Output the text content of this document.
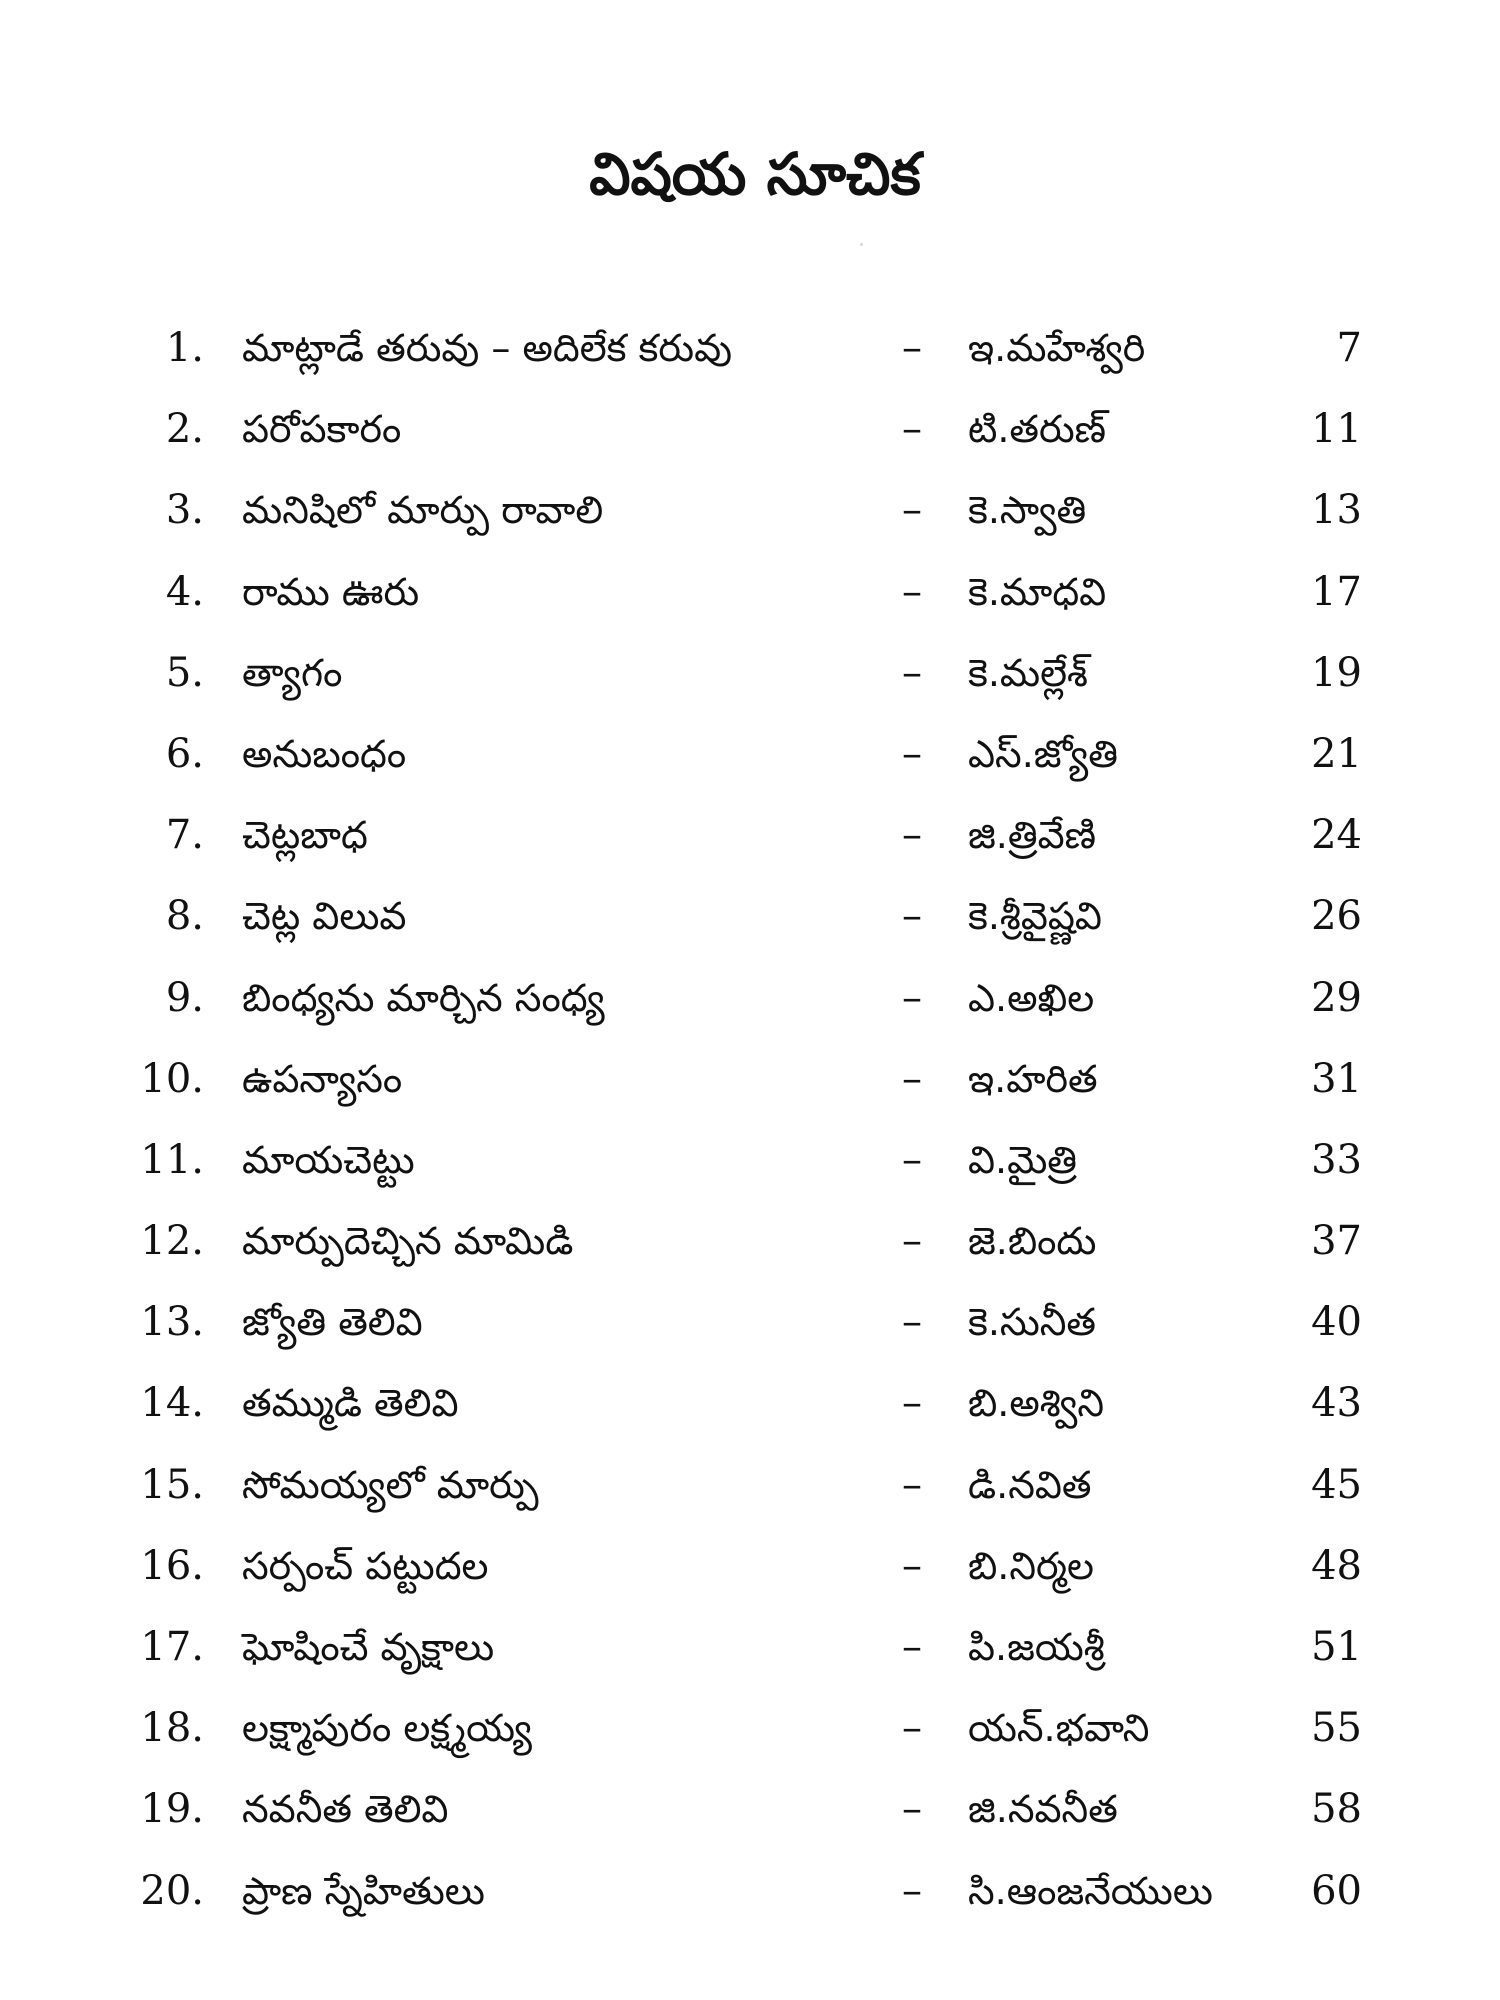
విషయ సూచిక
1. మాట్లాడే తరువు – అదిలేక కరువు	– ఇ.మహేశ్వరి	7
2. పరోపకారం	– టి.తరుణ్	11
3. మనిషిలో మార్పు రావాలి	– కె.స్వాతి	13
4. రాము ఊరు	– కె.మాధవి	17
5. త్యాగం	– కె.మల్లేశ్	19
6. అనుబంధం	– ఎస్.జ్యోతి	21
7. చెట్లబాధ	– జి.త్రివేణి	24
8. చెట్ల విలువ	– కె.శ్రీవైష్ణవి	26
9. బింధ్యను మార్చిన సంధ్య	– ఎ.అఖిల	29
10. ఉపన్యాసం	– ఇ.హరిత	31
11. మాయచెట్టు	– వి.మైత్రి	33
12. మార్పుదెచ్చిన మామిడి	– జె.బిందు	37
13. జ్యోతి తెలివి	– కె.సునీత	40
14. తమ్ముడి తెలివి	– బి.అశ్విని	43
15. సోమయ్యలో మార్పు	– డి.నవిత	45
16. సర్పంచ్ పట్టుదల	– బి.నిర్మల	48
17. ఘోషించే వృక్షాలు	– పి.జయశ్రీ	51
18. లక్ష్మాపురం లక్ష్మయ్య	– యన్.భవాని	55
19. నవనీత తెలివి	– జి.నవనీత	58
20. ప్రాణ స్నేహితులు	– సి.ఆంజనేయులు 60
